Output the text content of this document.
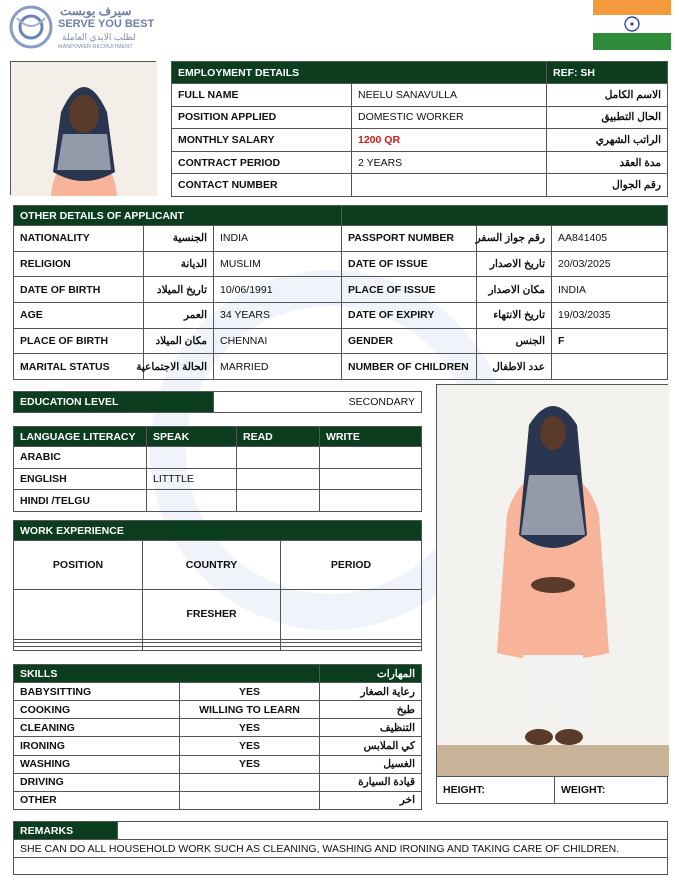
سيرف يوبست
SERVE YOU BEST
لطلب الايدي العاملة
MANPOWER RECRUITMENT
EMPLOYMENT DETAILS		REF: SH
FULL NAME	NEELU SANAVULLA	الاسم الكامل
POSITION APPLIED	DOMESTIC WORKER	الحال التطبيق
MONTHLY SALARY	1200 QR	الراتب الشهري
CONTRACT PERIOD	2 YEARS	مدة العقد
CONTACT NUMBER		رقم الجوال
OTHER DETAILS OF APPLICANT					
NATIONALITY	الجنسية	INDIA	PASSPORT NUMBER	رقم جواز السفر	AA841405
RELIGION	الديانة	MUSLIM	DATE OF ISSUE	تاريخ الاصدار	20/03/2025
DATE OF BIRTH	تاريخ الميلاد	10/06/1991	PLACE OF ISSUE	مكان الاصدار	INDIA
AGE	العمر	34 YEARS	DATE OF EXPIRY	تاريخ الانتهاء	19/03/2035
PLACE OF BIRTH	مكان الميلاد	CHENNAI	GENDER	الجنس	F
MARITAL STATUS	الحالة الاجتماعية	MARRIED	NUMBER OF CHILDREN	عدد الاطفال	
EDUCATION LEVEL	SECONDARY
LANGUAGE LITERACY	SPEAK	READ	WRITE
ARABIC			
ENGLISH	LITTTLE		
HINDI /TELGU			
WORK EXPERIENCE		
POSITION	COUNTRY	PERIOD
	FRESHER	

SKILLS		المهارات
BABYSITTING	YES	رعاية الصغار
COOKING	WILLING TO LEARN	طبخ
CLEANING	YES	التنظيف
IRONING	YES	كي الملابس
WASHING	YES	الغسيل
DRIVING		قيادة السيارة
OTHER		اخر
HEIGHT:	WEIGHT:
REMARKS	
SHE CAN DO ALL HOUSEHOLD WORK SUCH AS CLEANING, WASHING AND IRONING AND TAKING CARE OF CHILDREN.
